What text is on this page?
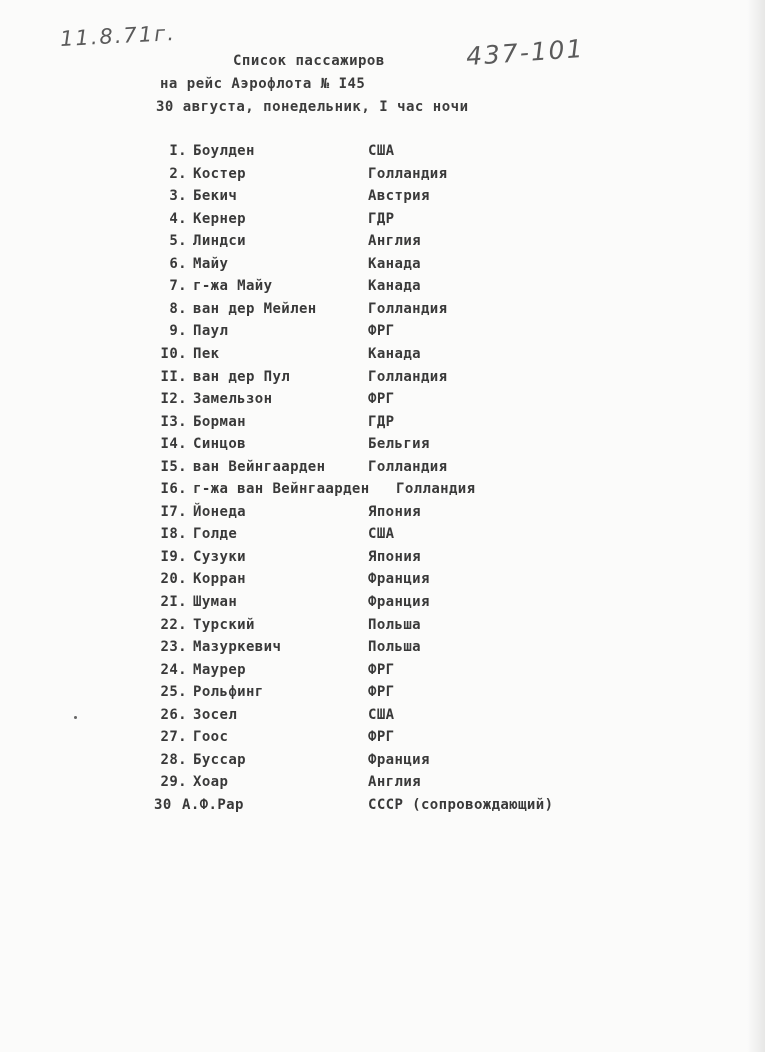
11.8.71г.	437-101
Список пассажиров
на рейс Аэрофлота № I45
30 августа, понедельник, I час ночи
I. Боулден	США
2. Костер	Голландия
3. Бекич	Австрия
4. Кернер	ГДР
5. Линдси	Англия
6. Майу	Канада
7. г-жа Майу	Канада
8. ван дер Мейлен	Голландия
9. Паул	ФРГ
I0. Пек	Канада
II. ван дер Пул	Голландия
I2. Замельзон	ФРГ
I3. Борман	ГДР
I4. Синцов	Бельгия
I5. ван Вейнгаарден	Голландия
I6. г-жа ван Вейнгаарден Голландия
I7. Йонеда	Япония
I8. Голде	США
I9. Сузуки	Япония
20. Корран	Франция
2I. Шуман	Франция
22. Турский	Польша
23. Мазуркевич	Польша
24. Маурер	ФРГ
25. Рольфинг	ФРГ
26. Зосел	США
27. Гоос	ФРГ
28. Буссар	Франция
29. Хоар	Англия
30 А.Ф.Рар	СССР (сопровождающий)
